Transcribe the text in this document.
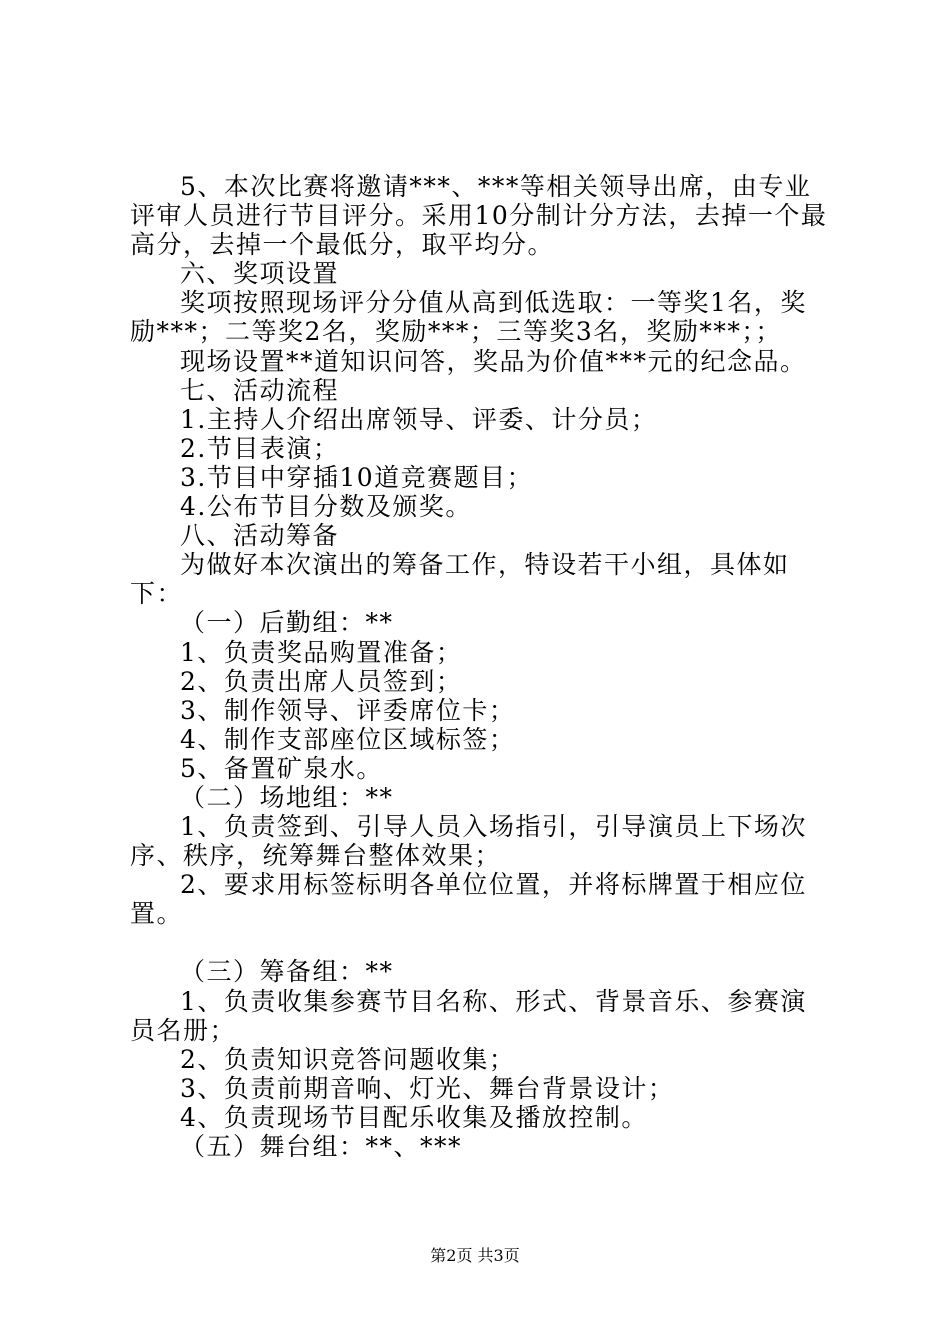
5、本次比赛将邀请***、***等相关领导出席，由专业评审人员进行节目评分。采用10分制计分方法，去掉一个最高分，去掉一个最低分，取平均分。

六、奖项设置

奖项按照现场评分分值从高到低选取：一等奖1名，奖励***；二等奖2名，奖励***；三等奖3名，奖励***；；

现场设置**道知识问答，奖品为价值***元的纪念品。

七、活动流程

1.主持人介绍出席领导、评委、计分员；

2.节目表演；

3.节目中穿插10道竞赛题目；

4.公布节目分数及颁奖。

八、活动筹备

为做好本次演出的筹备工作，特设若干小组，具体如下：

（一）后勤组：**

1、负责奖品购置准备；

2、负责出席人员签到；

3、制作领导、评委席位卡；

4、制作支部座位区域标签；

5、备置矿泉水。

（二）场地组：**

1、负责签到、引导人员入场指引，引导演员上下场次序、秩序，统筹舞台整体效果；

2、要求用标签标明各单位位置，并将标牌置于相应位置。

（三）筹备组：**

1、负责收集参赛节目名称、形式、背景音乐、参赛演员名册；

2、负责知识竞答问题收集；

3、负责前期音响、灯光、舞台背景设计；

4、负责现场节目配乐收集及播放控制。

（五）舞台组：**、***

第2页 共3页
